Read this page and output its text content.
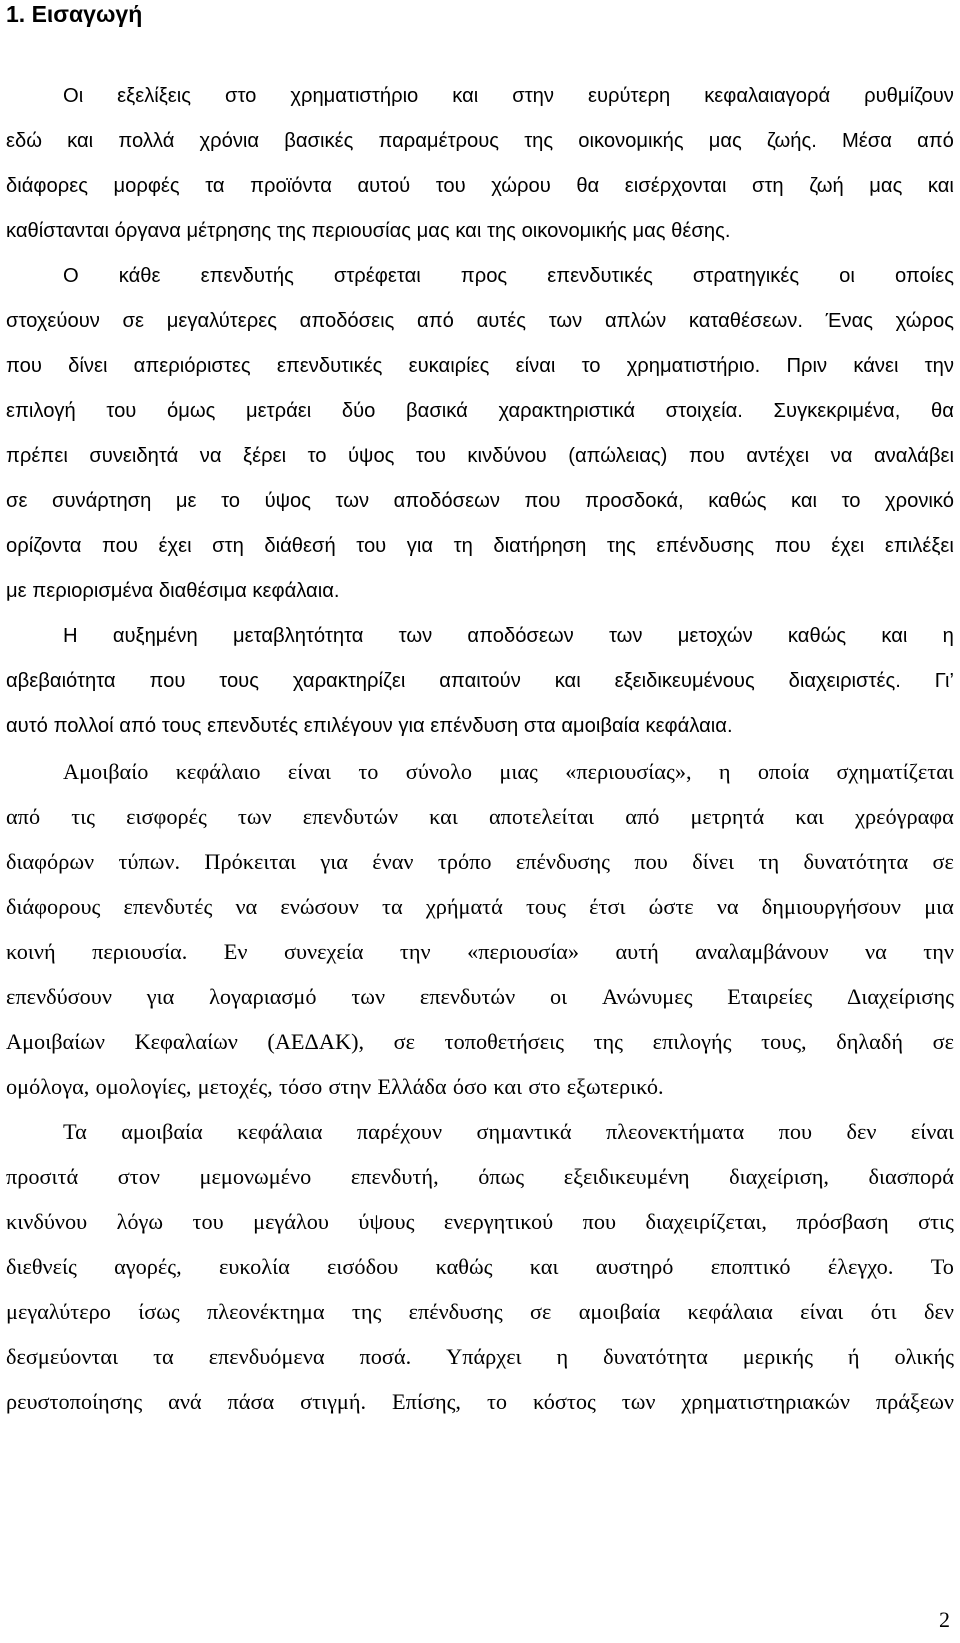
1. Εισαγωγή
Οι εξελίξεις στο χρηματιστήριο και στην ευρύτερη κεφαλαιαγορά ρυθμίζουν
εδώ και πολλά χρόνια βασικές παραμέτρους της οικονομικής μας ζωής. Μέσα από
διάφορες μορφές τα προϊόντα αυτού του χώρου θα εισέρχονται στη ζωή μας και
καθίστανται όργανα μέτρησης της περιουσίας μας και της οικονομικής μας θέσης.
Ο κάθε επενδυτής στρέφεται προς επενδυτικές στρατηγικές οι οποίες
στοχεύουν σε μεγαλύτερες αποδόσεις από αυτές των απλών καταθέσεων. Ένας χώρος
που δίνει απεριόριστες επενδυτικές ευκαιρίες είναι το χρηματιστήριο. Πριν κάνει την
επιλογή του όμως μετράει δύο βασικά χαρακτηριστικά στοιχεία. Συγκεκριμένα, θα
πρέπει συνειδητά να ξέρει το ύψος του κινδύνου (απώλειας) που αντέχει να αναλάβει
σε συνάρτηση με το ύψος των αποδόσεων που προσδοκά, καθώς και το χρονικό
ορίζοντα που έχει στη διάθεσή του για τη διατήρηση της επένδυσης που έχει επιλέξει
με περιορισμένα διαθέσιμα κεφάλαια.
Η αυξημένη μεταβλητότητα των αποδόσεων των μετοχών καθώς και η
αβεβαιότητα που τους χαρακτηρίζει απαιτούν και εξειδικευμένους διαχειριστές. Γι’
αυτό πολλοί από τους επενδυτές επιλέγουν για επένδυση στα αμοιβαία κεφάλαια.
Αμοιβαίο κεφάλαιο είναι το σύνολο μιας «περιουσίας», η οποία σχηματίζεται
από τις εισφορές των επενδυτών και αποτελείται από μετρητά και χρεόγραφα
διαφόρων τύπων. Πρόκειται για έναν τρόπο επένδυσης που δίνει τη δυνατότητα σε
διάφορους επενδυτές να ενώσουν τα χρήματά τους έτσι ώστε να δημιουργήσουν μια
κοινή περιουσία. Εν συνεχεία την «περιουσία» αυτή αναλαμβάνουν να την
επενδύσουν για λογαριασμό των επενδυτών οι Ανώνυμες Εταιρείες Διαχείρισης
Αμοιβαίων Κεφαλαίων (ΑΕΔΑΚ), σε τοποθετήσεις της επιλογής τους, δηλαδή σε
ομόλογα, ομολογίες, μετοχές, τόσο στην Ελλάδα όσο και στο εξωτερικό.
Τα αμοιβαία κεφάλαια παρέχουν σημαντικά πλεονεκτήματα που δεν είναι
προσιτά στον μεμονωμένο επενδυτή, όπως εξειδικευμένη διαχείριση, διασπορά
κινδύνου λόγω του μεγάλου ύψους ενεργητικού που διαχειρίζεται, πρόσβαση στις
διεθνείς αγορές, ευκολία εισόδου καθώς και αυστηρό εποπτικό έλεγχο. Το
μεγαλύτερο ίσως πλεονέκτημα της επένδυσης σε αμοιβαία κεφάλαια είναι ότι δεν
δεσμεύονται τα επενδυόμενα ποσά. Υπάρχει η δυνατότητα μερικής ή ολικής
ρευστοποίησης ανά πάσα στιγμή. Επίσης, το κόστος των χρηματιστηριακών πράξεων

2
